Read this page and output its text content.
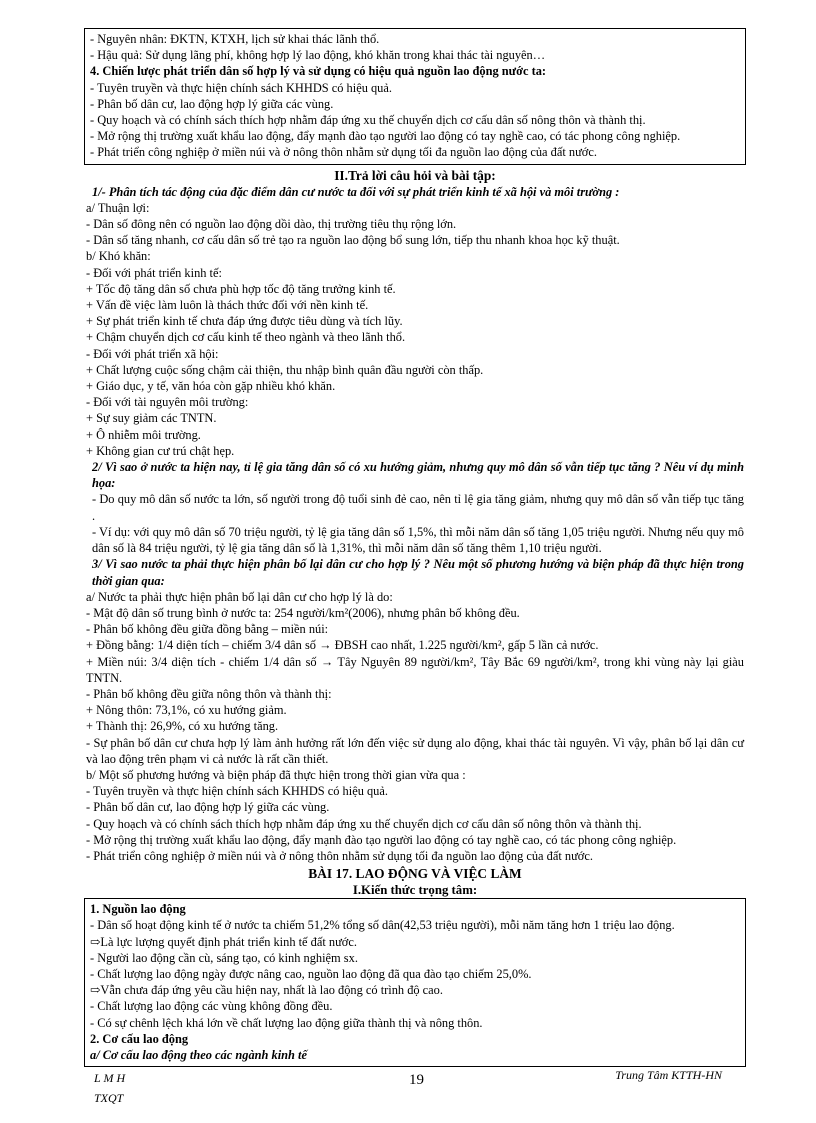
- Nguyên nhân: ĐKTN, KTXH, lịch sử khai thác lãnh thổ.
- Hậu quả: Sử dụng lãng phí, không hợp lý lao động, khó khăn trong khai thác tài nguyên…
4. Chiến lược phát triển dân số hợp lý và sử dụng có hiệu quả nguồn lao động nước ta:
- Tuyên truyền và thực hiện chính sách KHHDS có hiệu quả.
- Phân bố dân cư, lao động hợp lý giữa các vùng.
- Quy hoạch và có chính sách thích hợp nhằm đáp ứng xu thế chuyển dịch cơ cấu dân số nông thôn và thành thị.
- Mở rộng thị trường xuất khẩu lao động, đẩy mạnh đào tạo người lao động có tay nghề cao, có tác phong công nghiệp.
- Phát triển công nghiệp ở miền núi và ở nông thôn nhằm sử dụng tối đa nguồn lao động của đất nước.
II.Trả lời câu hỏi và bài tập:
1/- Phân tích tác động của đặc điểm dân cư nước ta đối với sự phát triển kinh tế xã hội và môi trường :
a/ Thuận lợi:
- Dân số đông nên có nguồn lao động dồi dào, thị trường tiêu thụ rộng lớn.
- Dân số tăng nhanh, cơ cấu dân số trẻ tạo ra nguồn lao động bổ sung lớn, tiếp thu nhanh khoa học kỹ thuật.
b/ Khó khăn:
- Đối với phát triển kinh tế:
+ Tốc độ tăng dân số chưa phù hợp tốc độ tăng trưởng kinh tế.
+ Vấn đề việc làm luôn là thách thức đối với nền kinh tế.
+ Sự phát triển kinh tế chưa đáp ứng được tiêu dùng và tích lũy.
+ Chậm chuyển dịch cơ cấu kinh tế theo ngành và theo lãnh thổ.
- Đối với phát triển xã hội:
+ Chất lượng cuộc sống chậm cải thiện, thu nhập bình quân đầu người còn thấp.
+ Giáo dục, y tế, văn hóa còn gặp nhiều khó khăn.
- Đối với tài nguyên môi trường:
+ Sự suy giảm các TNTN.
+ Ô nhiễm môi trường.
+ Không gian cư trú chật hẹp.
2/ Vì sao ở nước ta hiện nay, tỉ lệ gia tăng dân số có xu hướng giảm, nhưng quy mô dân số vẫn tiếp tục tăng ? Nêu ví dụ minh họa:
- Do quy mô dân số nước ta lớn, số người trong độ tuổi sinh đẻ cao, nên tỉ lệ gia tăng giảm, nhưng quy mô dân số vẫn tiếp tục tăng .
- Ví dụ: với quy mô dân số 70 triệu người, tỷ lệ gia tăng dân số 1,5%, thì mỗi năm dân số tăng 1,05 triệu người. Nhưng nếu quy mô dân số là 84 triệu người, tỷ lệ gia tăng dân số là 1,31%, thì mỗi năm dân số tăng thêm 1,10 triệu người.
3/ Vì sao nước ta phải thực hiện phân bố lại dân cư cho hợp lý ? Nêu một số phương hướng và biện pháp đã thực hiện trong thời gian qua:
a/ Nước ta phải thực hiện phân bố lại dân cư cho hợp lý là do:
- Mật độ dân số trung bình ở nước ta: 254 người/km²(2006), nhưng phân bố không đều.
- Phân bố không đều giữa đồng bằng – miền núi:
+ Đồng bằng: 1/4 diện tích – chiếm 3/4 dân số → ĐBSH cao nhất, 1.225 người/km², gấp 5 lần cả nước.
+ Miền núi: 3/4 diện tích - chiếm 1/4 dân số → Tây Nguyên 89 người/km², Tây Bắc 69 người/km², trong khi vùng này lại giàu TNTN.
- Phân bố không đều giữa nông thôn và thành thị:
+ Nông thôn: 73,1%, có xu hướng giảm.
+ Thành thị: 26,9%, có xu hướng tăng.
- Sự phân bố dân cư chưa hợp lý làm ảnh hưởng rất lớn đến việc sử dụng alo động, khai thác tài nguyên. Vì vậy, phân bố lại dân cư và lao động trên phạm vi cả nước là rất cần thiết.
b/ Một số phương hướng và biện pháp đã thực hiện trong thời gian vừa qua :
- Tuyên truyền và thực hiện chính sách KHHDS có hiệu quả.
- Phân bố dân cư, lao động hợp lý giữa các vùng.
- Quy hoạch và có chính sách thích hợp nhằm đáp ứng xu thế chuyển dịch cơ cấu dân số nông thôn và thành thị.
- Mở rộng thị trường xuất khẩu lao động, đẩy mạnh đào tạo người lao động có tay nghề cao, có tác phong công nghiệp.
- Phát triển công nghiệp ở miền núi và ở nông thôn nhằm sử dụng tối đa nguồn lao động của đất nước.
BÀI 17. LAO ĐỘNG VÀ VIỆC LÀM
I.Kiến thức trọng tâm:
1. Nguồn lao động
- Dân số hoạt động kinh tế ở nước ta chiếm 51,2% tổng số dân(42,53 triệu người), mỗi năm tăng hơn 1 triệu lao động.
⇨Là lực lượng quyết định phát triển kinh tế đất nước.
- Người lao động cần cù, sáng tạo, có kinh nghiệm sx.
- Chất lượng lao động ngày được nâng cao, nguồn lao động đã qua đào tạo chiếm 25,0%.
⇨Vẫn chưa đáp ứng yêu cầu hiện nay, nhất là lao động có trình độ cao.
- Chất lượng lao động các vùng không đồng đều.
- Có sự chênh lệch khá lớn về chất lượng lao động giữa thành thị và nông thôn.
2. Cơ cấu lao động
a/ Cơ cấu lao động theo các ngành kinh tế
L M H
TXQT
19	Trung Tâm KTTH-HN
